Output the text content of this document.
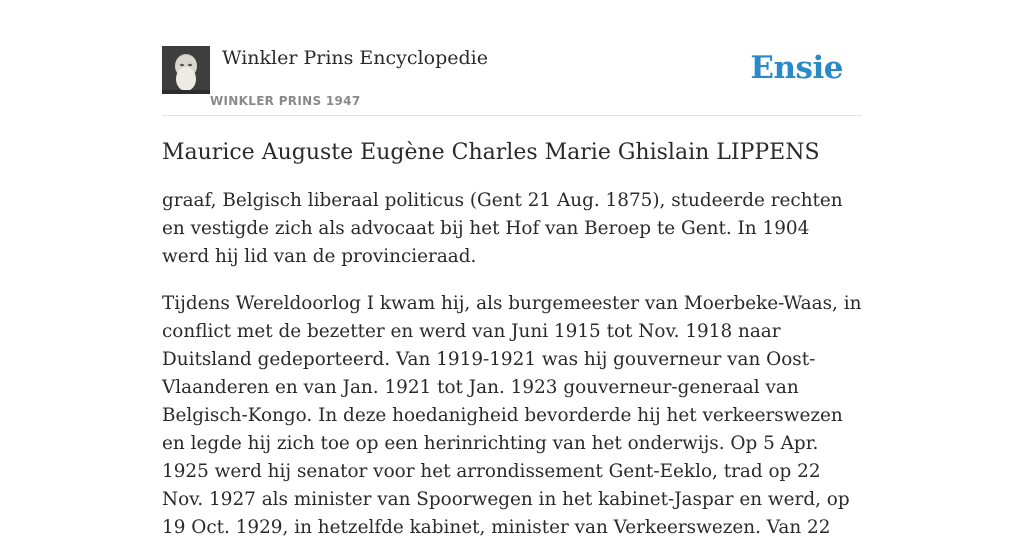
Winkler Prins Encyclopedie
WINKLER PRINS 1947
Ensie
Maurice Auguste Eugène Charles Marie Ghislain LIPPENS

graaf, Belgisch liberaal politicus (Gent 21 Aug. 1875), studeerde rechten en vestigde zich als advocaat bij het Hof van Beroep te Gent. In 1904 werd hij lid van de provincieraad.

Tijdens Wereldoorlog I kwam hij, als burgemeester van Moerbeke-Waas, in conflict met de bezetter en werd van Juni 1915 tot Nov. 1918 naar Duitsland gedeporteerd. Van 1919-1921 was hij gouverneur van Oost-Vlaanderen en van Jan. 1921 tot Jan. 1923 gouverneur-generaal van Belgisch-Kongo. In deze hoedanigheid bevorderde hij het verkeerswezen en legde hij zich toe op een herinrichting van het onderwijs. Op 5 Apr. 1925 werd hij senator voor het arrondissement Gent-Eeklo, trad op 22 Nov. 1927 als minister van Spoorwegen in het kabinet-Jaspar en werd, op 19 Oct. 1929, in hetzelfde kabinet, minister van Verkeerswezen. Van 22
